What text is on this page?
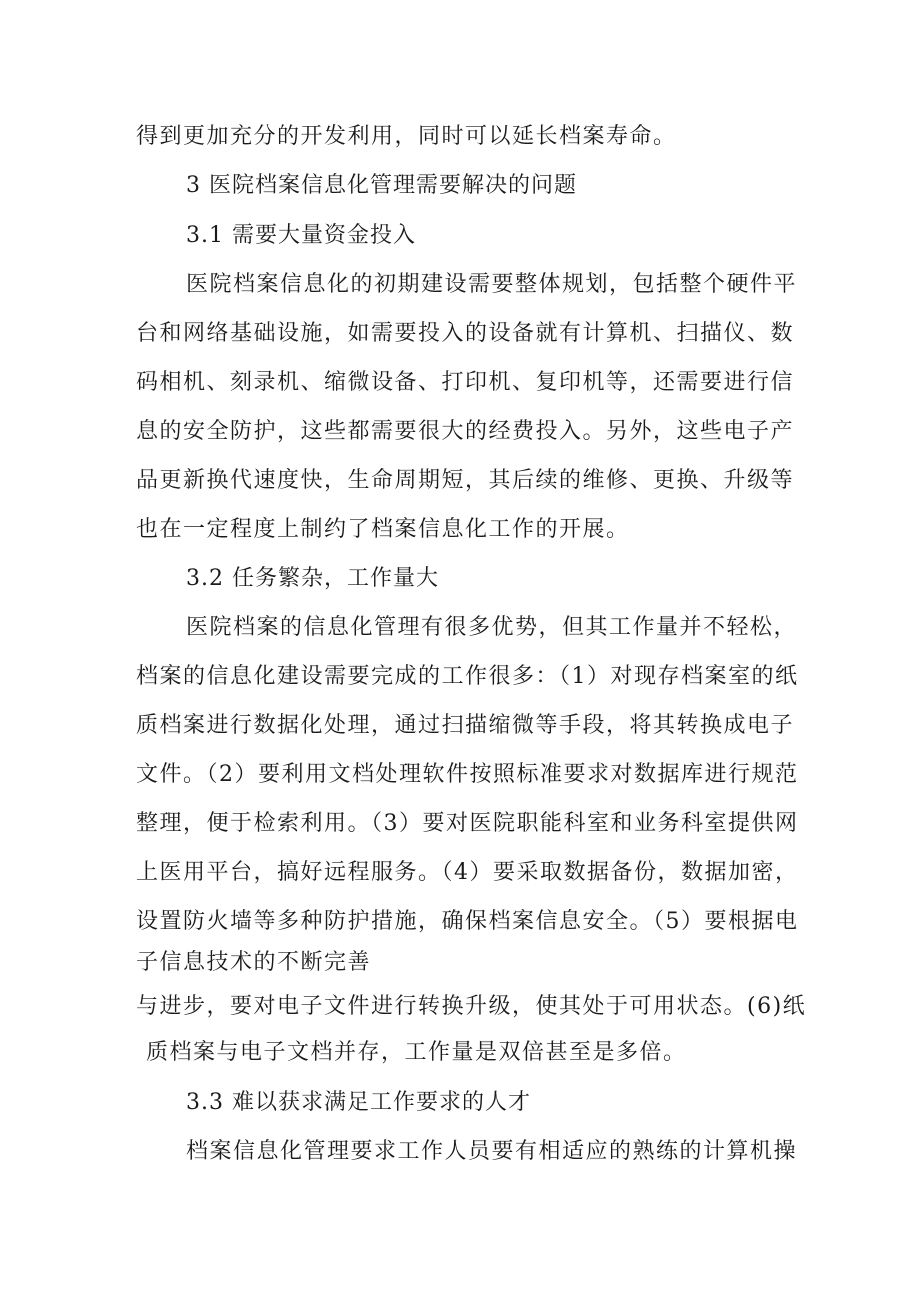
得到更加充分的开发利用，同时可以延长档案寿命。
3 医院档案信息化管理需要解决的问题
3.1 需要大量资金投入
医院档案信息化的初期建设需要整体规划，包括整个硬件平
台和网络基础设施，如需要投入的设备就有计算机、扫描仪、数
码相机、刻录机、缩微设备、打印机、复印机等，还需要进行信
息的安全防护，这些都需要很大的经费投入。另外，这些电子产
品更新换代速度快，生命周期短，其后续的维修、更换、升级等
也在一定程度上制约了档案信息化工作的开展。
3.2 任务繁杂，工作量大
医院档案的信息化管理有很多优势，但其工作量并不轻松，
档案的信息化建设需要完成的工作很多：（1）对现存档案室的纸
质档案进行数据化处理，通过扫描缩微等手段，将其转换成电子
文件。（2）要利用文档处理软件按照标准要求对数据库进行规范
整理，便于检索利用。（3）要对医院职能科室和业务科室提供网
上医用平台，搞好远程服务。（4）要采取数据备份，数据加密，
设置防火墙等多种防护措施，确保档案信息安全。（5）要根据电
子信息技术的不断完善
与进步，要对电子文件进行转换升级，使其处于可用状态。(6)纸
质档案与电子文档并存，工作量是双倍甚至是多倍。
3.3 难以获求满足工作要求的人才
档案信息化管理要求工作人员要有相适应的熟练的计算机操
